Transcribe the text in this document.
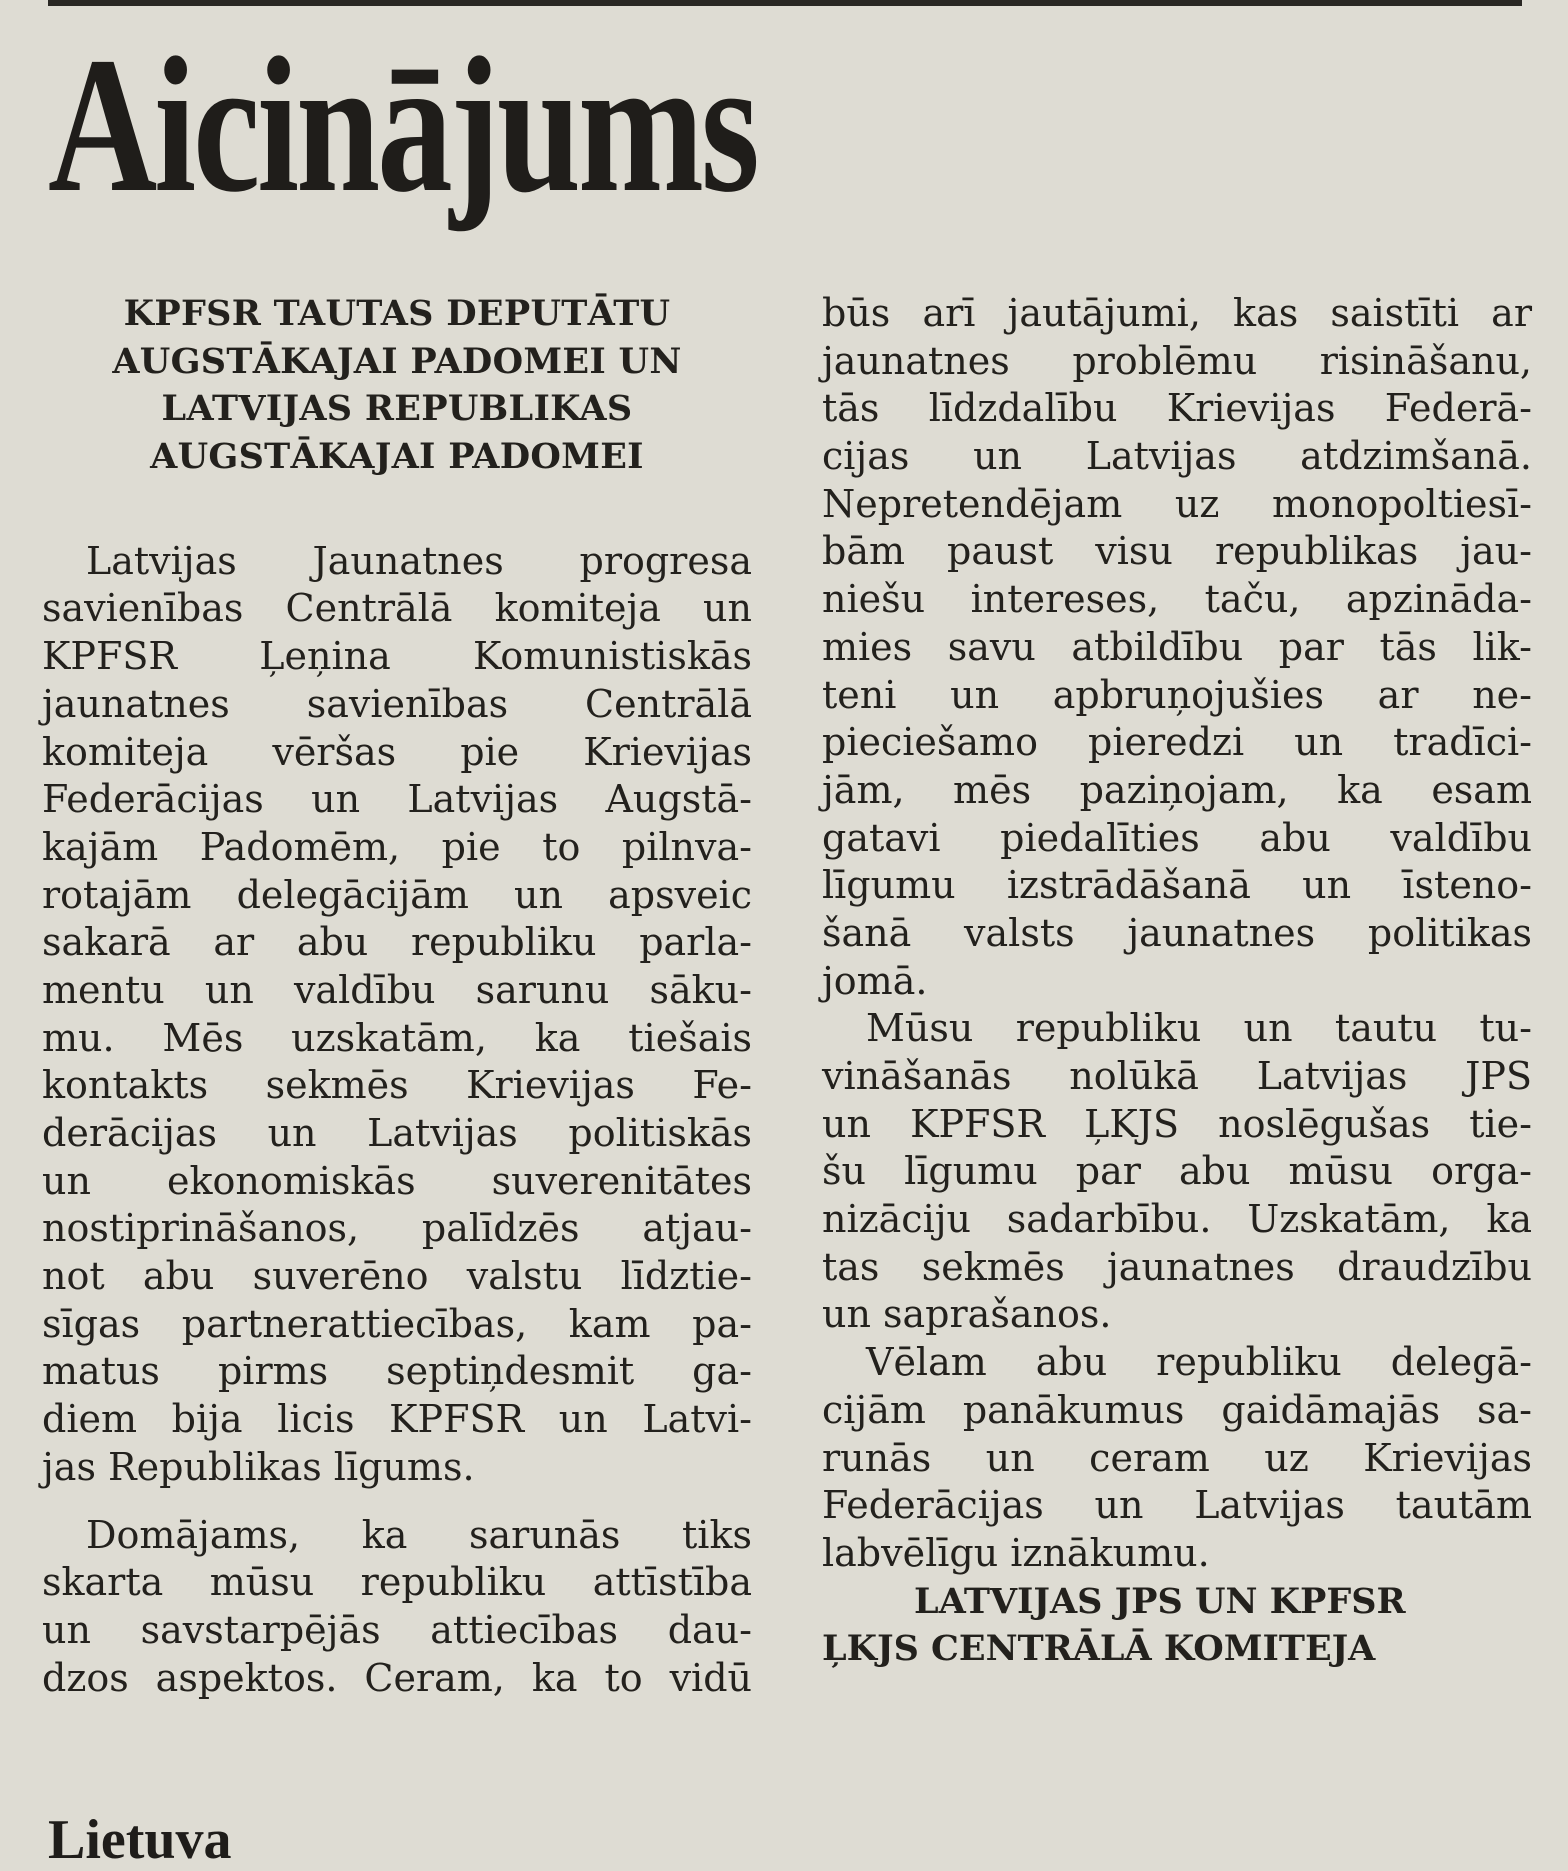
Aicinājums
KPFSR TAUTAS DEPUTĀTU
AUGSTĀKAJAI PADOMEI UN
LATVIJAS REPUBLIKAS
AUGSTĀKAJAI PADOMEI
Latvijas Jaunatnes progresa
savienības Centrālā komiteja un
KPFSR Ļeņina Komunistiskās
jaunatnes savienības Centrālā
komiteja vēršas pie Krievijas
Federācijas un Latvijas Augstā-
kajām Padomēm, pie to pilnva-
rotajām delegācijām un apsveic
sakarā ar abu republiku parla-
mentu un valdību sarunu sāku-
mu. Mēs uzskatām, ka tiešais
kontakts sekmēs Krievijas Fe-
derācijas un Latvijas politiskās
un ekonomiskās suverenitātes
nostiprināšanos, palīdzēs atjau-
not abu suverēno valstu līdztie-
sīgas partnerattiecības, kam pa-
matus pirms septiņdesmit ga-
diem bija licis KPFSR un Latvi-
jas Republikas līgums.
Domājams, ka sarunās tiks
skarta mūsu republiku attīstība
un savstarpējās attiecības dau-
dzos aspektos. Ceram, ka to vidū
būs arī jautājumi, kas saistīti ar
jaunatnes problēmu risināšanu,
tās līdzdalību Krievijas Federā-
cijas un Latvijas atdzimšanā.
Nepretendējam uz monopoltiesī-
bām paust visu republikas jau-
niešu intereses, taču, apzināda-
mies savu atbildību par tās lik-
teni un apbruņojušies ar ne-
pieciešamo pieredzi un tradīci-
jām, mēs paziņojam, ka esam
gatavi piedalīties abu valdību
līgumu izstrādāšanā un īsteno-
šanā valsts jaunatnes politikas
jomā.
Mūsu republiku un tautu tu-
vināšanās nolūkā Latvijas JPS
un KPFSR ĻKJS noslēgušas tie-
šu līgumu par abu mūsu orga-
nizāciju sadarbību. Uzskatām, ka
tas sekmēs jaunatnes draudzību
un saprašanos.
Vēlam abu republiku delegā-
cijām panākumus gaidāmajās sa-
runās un ceram uz Krievijas
Federācijas un Latvijas tautām
labvēlīgu iznākumu.
LATVIJAS JPS UN KPFSR
ĻKJS CENTRĀLĀ KOMITEJA
Lietuva
